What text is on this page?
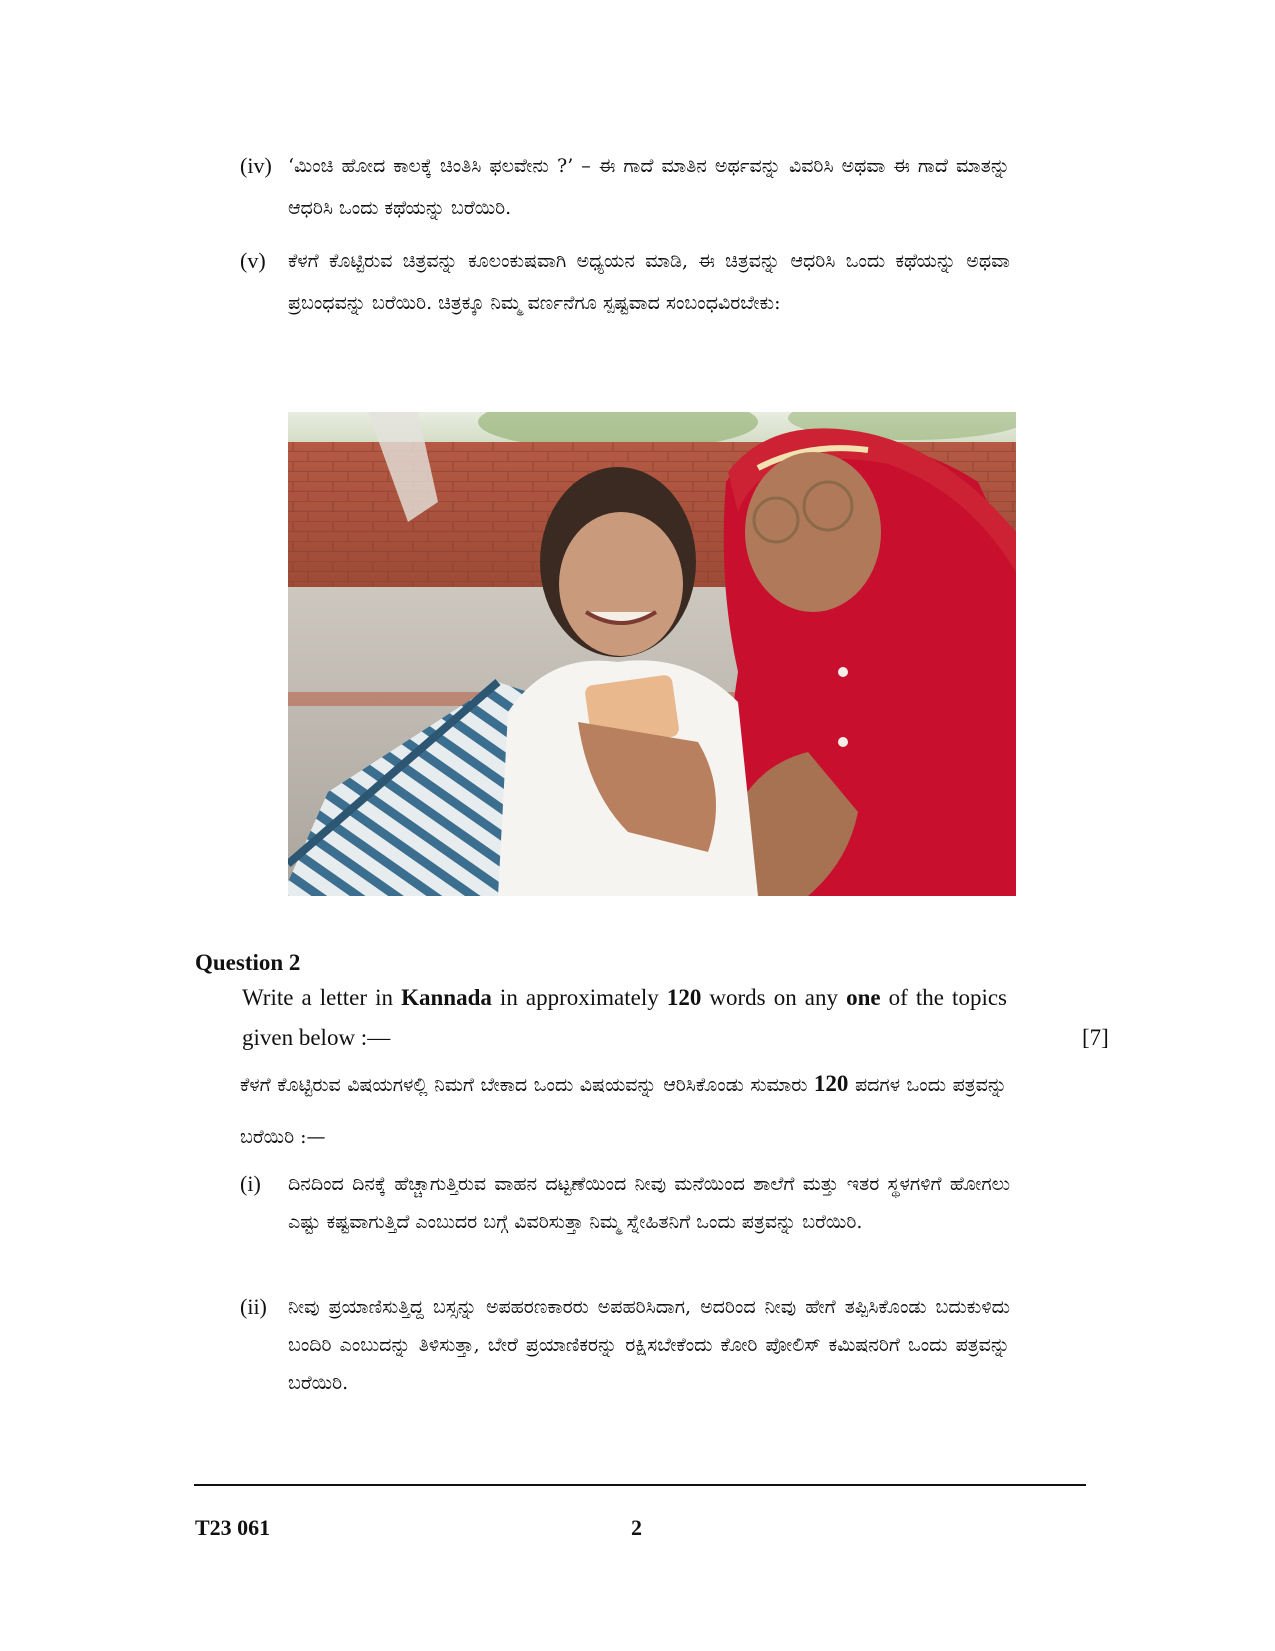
(iv) ‘ಮಿಂಚಿ ಹೋದ ಕಾಲಕ್ಕೆ ಚಿಂತಿಸಿ ಫಲವೇನು ?’ – ಈ ಗಾದೆ ಮಾತಿನ ಅರ್ಥವನ್ನು ವಿವರಿಸಿ ಅಥವಾ ಈ ಗಾದೆ ಮಾತನ್ನು ಆಧರಿಸಿ ಒಂದು ಕಥೆಯನ್ನು ಬರೆಯಿರಿ.
(v) ಕೆಳಗೆ ಕೊಟ್ಟಿರುವ ಚಿತ್ರವನ್ನು ಕೂಲಂಕುಷವಾಗಿ ಅಧ್ಯಯನ ಮಾಡಿ, ಈ ಚಿತ್ರವನ್ನು ಆಧರಿಸಿ ಒಂದು ಕಥೆಯನ್ನು ಅಥವಾ ಪ್ರಬಂಧವನ್ನು ಬರೆಯಿರಿ. ಚಿತ್ರಕ್ಕೂ ನಿಮ್ಮ ವರ್ಣನೆಗೂ ಸ್ಪಷ್ಟವಾದ ಸಂಬಂಧವಿರಬೇಕು:
Question 2
Write a letter in Kannada in approximately 120 words on any one of the topics given below :—	[7]
ಕೆಳಗೆ ಕೊಟ್ಟಿರುವ ವಿಷಯಗಳಲ್ಲಿ ನಿಮಗೆ ಬೇಕಾದ ಒಂದು ವಿಷಯವನ್ನು ಆರಿಸಿಕೊಂಡು ಸುಮಾರು 120 ಪದಗಳ ಒಂದು ಪತ್ರವನ್ನು ಬರೆಯಿರಿ :—
(i) ದಿನದಿಂದ ದಿನಕ್ಕೆ ಹೆಚ್ಚಾಗುತ್ತಿರುವ ವಾಹನ ದಟ್ಟಣೆಯಿಂದ ನೀವು ಮನೆಯಿಂದ ಶಾಲೆಗೆ ಮತ್ತು ಇತರ ಸ್ಥಳಗಳಿಗೆ ಹೋಗಲು ಎಷ್ಟು ಕಷ್ಟವಾಗುತ್ತಿದೆ ಎಂಬುದರ ಬಗ್ಗೆ ವಿವರಿಸುತ್ತಾ ನಿಮ್ಮ ಸ್ನೇಹಿತನಿಗೆ ಒಂದು ಪತ್ರವನ್ನು ಬರೆಯಿರಿ.
(ii) ನೀವು ಪ್ರಯಾಣಿಸುತ್ತಿದ್ದ ಬಸ್ಸನ್ನು ಅಪಹರಣಕಾರರು ಅಪಹರಿಸಿದಾಗ, ಅದರಿಂದ ನೀವು ಹೇಗೆ ತಪ್ಪಿಸಿಕೊಂಡು ಬದುಕುಳಿದು ಬಂದಿರಿ ಎಂಬುದನ್ನು ತಿಳಿಸುತ್ತಾ, ಬೇರೆ ಪ್ರಯಾಣಿಕರನ್ನು ರಕ್ಷಿಸಬೇಕೆಂದು ಕೋರಿ ಪೋಲಿಸ್ ಕಮಿಷನರಿಗೆ ಒಂದು ಪತ್ರವನ್ನು ಬರೆಯಿರಿ.
T23 061	2
